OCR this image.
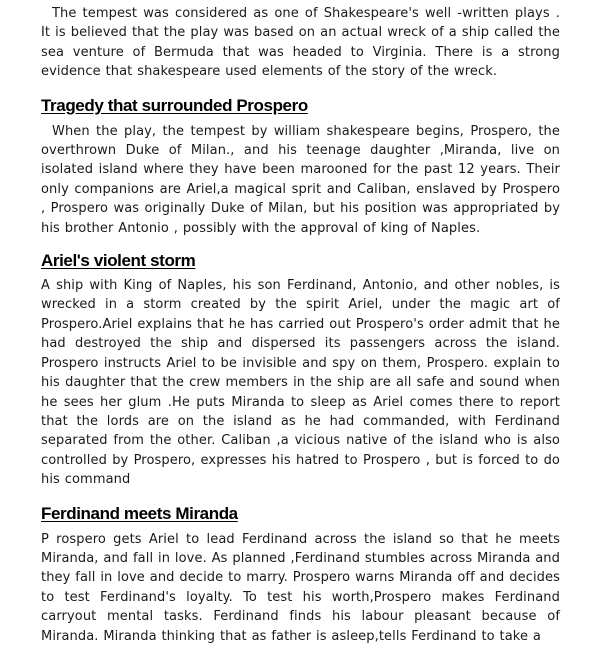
The tempest was considered as one of Shakespeare's well -written plays . It is believed that the play was based on an actual wreck of a ship called the sea venture of Bermuda that was headed to Virginia. There is a strong evidence that shakespeare used elements of the story of the wreck.

Tragedy that surrounded Prospero

When the play, the tempest by william shakespeare begins, Prospero, the overthrown Duke of Milan., and his teenage daughter ,Miranda, live on isolated island where they have been marooned for the past 12 years. Their only companions are Ariel,a magical sprit and Caliban, enslaved by Prospero , Prospero was originally Duke of Milan, but his position was appropriated by his brother Antonio , possibly with the approval of king of Naples.

Ariel's violent storm

A ship with King of Naples, his son Ferdinand, Antonio, and other nobles, is wrecked in a storm created by the spirit Ariel, under the magic art of Prospero.Ariel explains that he has carried out Prospero's order admit that he had destroyed the ship and dispersed its passengers across the island. Prospero instructs Ariel to be invisible and spy on them, Prospero. explain to his daughter that the crew members in the ship are all safe and sound when he sees her glum .He puts Miranda to sleep as Ariel comes there to report that the lords are on the island as he had commanded, with Ferdinand separated from the other. Caliban ,a vicious native of the island who is also controlled by Prospero, expresses his hatred to Prospero , but is forced to do his command

Ferdinand meets Miranda

P rospero gets Ariel to lead Ferdinand across the island so that he meets Miranda, and fall in love. As planned ,Ferdinand stumbles across Miranda and they fall in love and decide to marry. Prospero warns Miranda off and decides to test Ferdinand's loyalty. To test his worth,Prospero makes Ferdinand carryout mental tasks. Ferdinand finds his labour pleasant because of Miranda. Miranda thinking that as father is asleep,tells Ferdinand to take a
